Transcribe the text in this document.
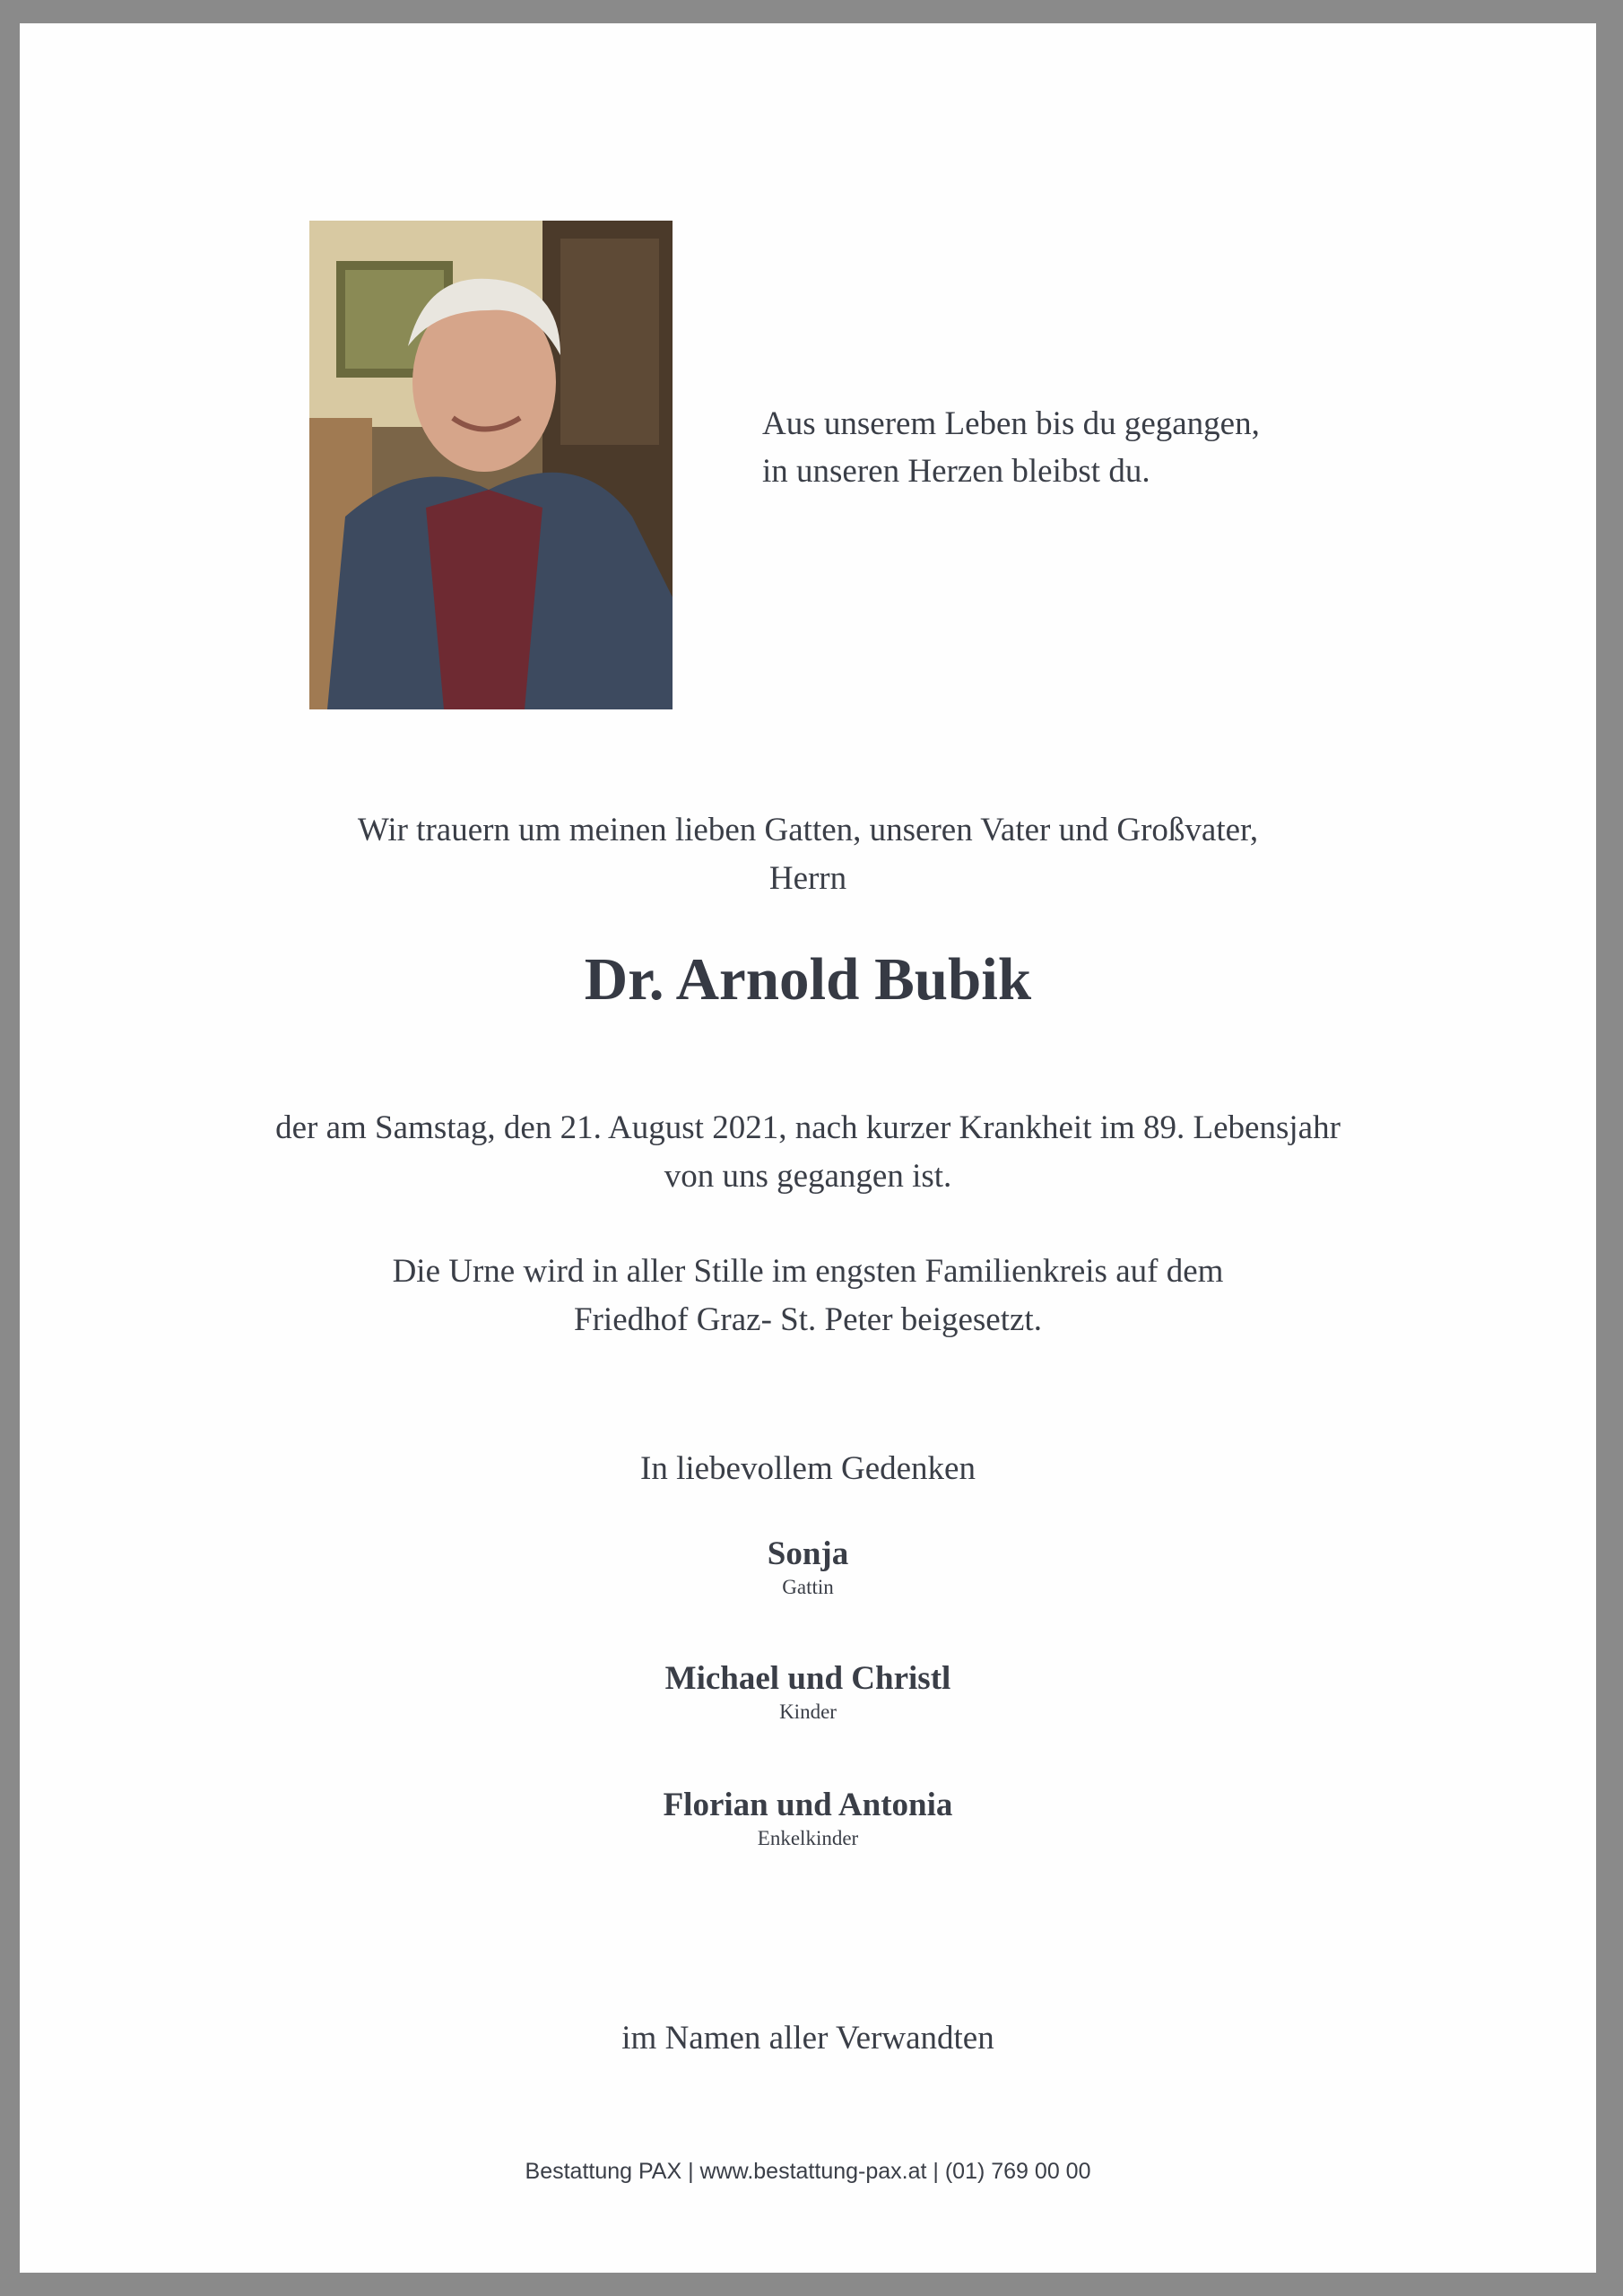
Aus unserem Leben bis du gegangen,
in unseren Herzen bleibst du.
Wir trauern um meinen lieben Gatten, unseren Vater und Großvater,
Herrn
Dr. Arnold Bubik
der am Samstag, den 21. August 2021, nach kurzer Krankheit im 89. Lebensjahr
von uns gegangen ist.
Die Urne wird in aller Stille im engsten Familienkreis auf dem
Friedhof Graz- St. Peter beigesetzt.
In liebevollem Gedenken
Sonja
Gattin
Michael und Christl
Kinder
Florian und Antonia
Enkelkinder
im Namen aller Verwandten
Bestattung PAX | www.bestattung-pax.at | (01) 769 00 00
